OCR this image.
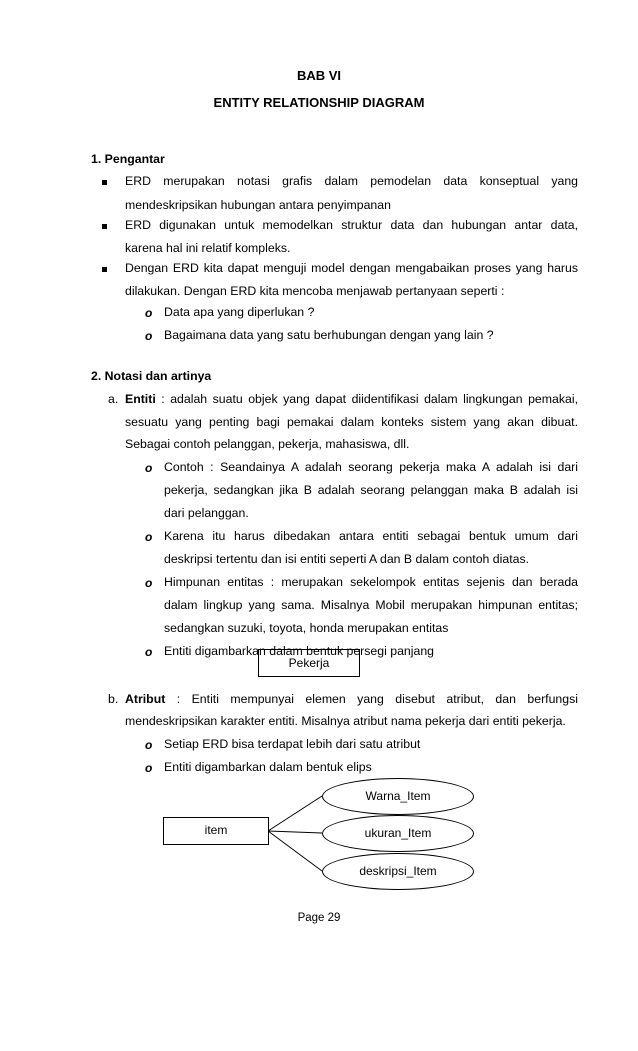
BAB VI
ENTITY RELATIONSHIP DIAGRAM
1. Pengantar
ERD merupakan notasi grafis dalam pemodelan data konseptual yang
mendeskripsikan hubungan antara penyimpanan
ERD digunakan untuk memodelkan struktur data dan hubungan antar data,
karena hal ini relatif kompleks.
Dengan ERD kita dapat menguji model dengan mengabaikan proses yang harus
dilakukan. Dengan ERD kita mencoba menjawab pertanyaan seperti :
o Data apa yang diperlukan ?
o Bagaimana data yang satu berhubungan dengan yang lain ?
2. Notasi dan artinya
a. Entiti : adalah suatu objek yang dapat diidentifikasi dalam lingkungan pemakai,
sesuatu yang penting bagi pemakai dalam konteks sistem yang akan dibuat.
Sebagai contoh pelanggan, pekerja, mahasiswa, dll.
o Contoh : Seandainya A adalah seorang pekerja maka A adalah isi dari
pekerja, sedangkan jika B adalah seorang pelanggan maka B adalah isi
dari pelanggan.
o Karena itu harus dibedakan antara entiti sebagai bentuk umum dari
deskripsi tertentu dan isi entiti seperti A dan B dalam contoh diatas.
o Himpunan entitas : merupakan sekelompok entitas sejenis dan berada
dalam lingkup yang sama. Misalnya Mobil merupakan himpunan entitas;
sedangkan suzuki, toyota, honda merupakan entitas
o Entiti digambarkan dalam bentuk persegi panjang
Pekerja
b. Atribut : Entiti mempunyai elemen yang disebut atribut, dan berfungsi
mendeskripsikan karakter entiti. Misalnya atribut nama pekerja dari entiti pekerja.
o Setiap ERD bisa terdapat lebih dari satu atribut
o Entiti digambarkan dalam bentuk elips
item
Warna_Item
ukuran_Item
deskripsi_Item
Page 29
